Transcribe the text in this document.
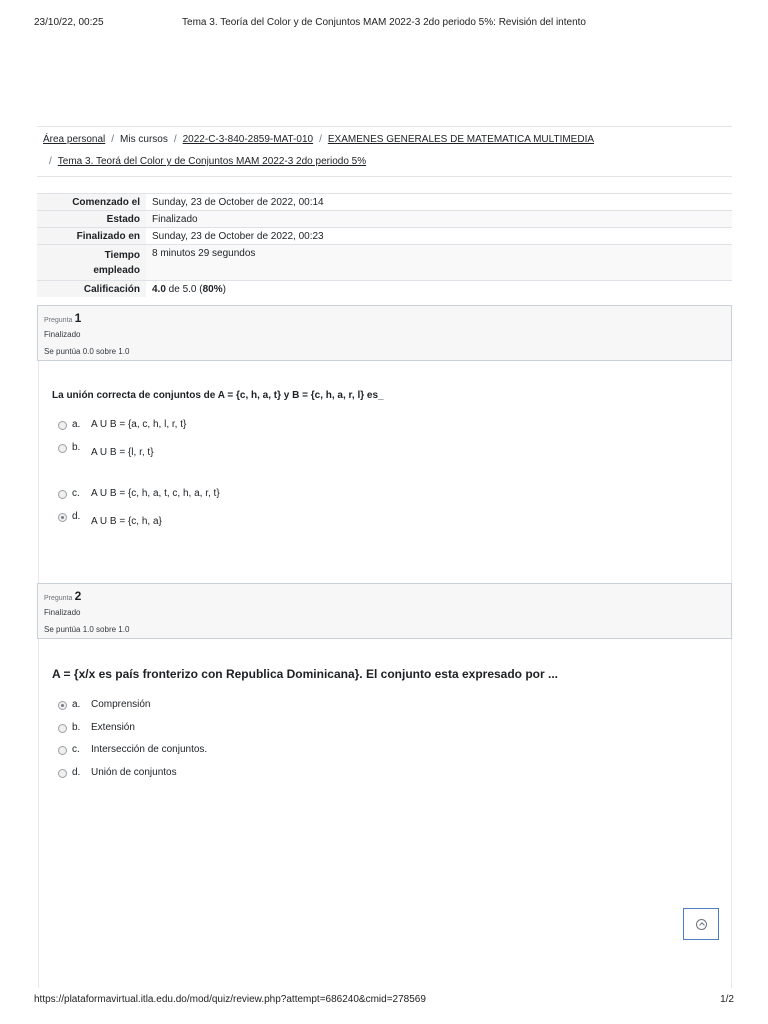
23/10/22, 00:25	Tema 3. Teoría del Color y de Conjuntos MAM 2022-3 2do periodo 5%: Revisión del intento
Área personal / Mis cursos / 2022-C-3-840-2859-MAT-010 / EXAMENES GENERALES DE MATEMATICA MULTIMEDIA
/ Tema 3. Teorá del Color y de Conjuntos MAM 2022-3 2do periodo 5%
Comenzado el	Sunday, 23 de October de 2022, 00:14
Estado	Finalizado
Finalizado en	Sunday, 23 de October de 2022, 00:23
Tiempo
empleado	8 minutos 29 segundos
Calificación	4.0 de 5.0 (80%)
Pregunta 1
Finalizado
Se puntúa 0.0 sobre 1.0
La unión correcta de conjuntos de A = {c, h, a, t} y B = {c, h, a, r, l} es_
a. A U B = {a, c, h, l, r, t}
b. A U B = {l, r, t}
c. A U B = {c, h, a, t, c, h, a, r, t}
d. A U B = {c, h, a}
Pregunta 2
Finalizado
Se puntúa 1.0 sobre 1.0
A = {x/x es país fronterizo con Republica Dominicana}. El conjunto esta expresado por ...
a. Comprensión
b. Extensión
c. Intersección de conjuntos.
d. Unión de conjuntos
https://plataformavirtual.itla.edu.do/mod/quiz/review.php?attempt=686240&cmid=278569	1/2
